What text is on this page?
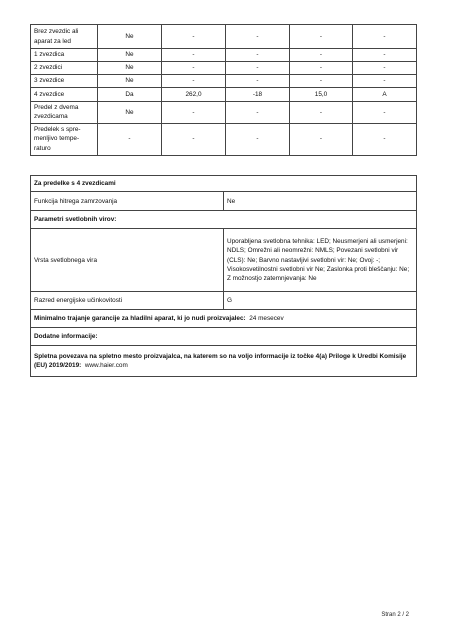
Brez zvezdic ali aparat za led	Ne	-	-	-	-
1 zvezdica	Ne	-	-	-	-
2 zvezdici	Ne	-	-	-	-
3 zvezdice	Ne	-	-	-	-
4 zvezdice	Da	262,0	-18	15,0	A
Predel z dvema zvezdicama	Ne	-	-	-	-
Predelek s spre-menljivo tempe-raturo	-	-	-	-	-
Za predelke s 4 zvezdicami	
Funkcija hitrega zamrzovanja	Ne
Parametri svetlobnih virov:	
Vrsta svetlobnega vira	Uporabljena svetlobna tehnika: LED; Neusmerjeni ali usmerjeni: NDLS; Omrežni ali neomrežni: NMLS; Povezani svetlobni vir (CLS): Ne; Barvno nastavljivi svetlobni vir: Ne; Ovoj: -; Visokosvetilnostni svetlobni vir Ne; Zaslonka proti bleščanju: Ne; Z možnostjo zatemnjevanja: Ne
Razred energijske učinkovitosti	G
Minimalno trajanje garancije za hladilni aparat, ki jo nudi proizvajalec: 24 mesecev	
Dodatne informacije:	
Spletna povezava na spletno mesto proizvajalca, na katerem so na voljo informacije iz točke 4(a) Priloge k Uredbi Komisije (EU) 2019/2019: www.haier.com	
Stran 2 / 2
